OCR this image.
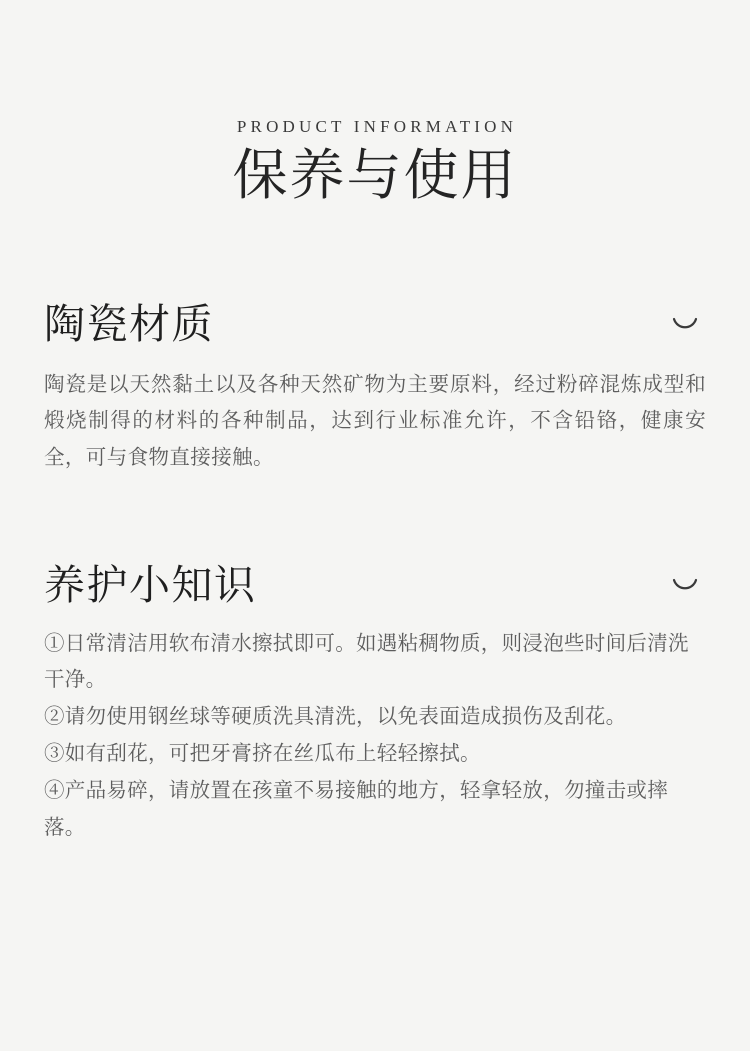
PRODUCT INFORMATION
保养与使用
陶瓷材质

陶瓷是以天然黏土以及各种天然矿物为主要原料，经过粉碎混炼成型和煅烧制得的材料的各种制品，达到行业标准允许，不含铅铬，健康安全，可与食物直接接触。

养护小知识

①日常清洁用软布清水擦拭即可。如遇粘稠物质，则浸泡些时间后清洗干净。

②请勿使用钢丝球等硬质洗具清洗，以免表面造成损伤及刮花。

③如有刮花，可把牙膏挤在丝瓜布上轻轻擦拭。

④产品易碎，请放置在孩童不易接触的地方，轻拿轻放，勿撞击或摔落。
